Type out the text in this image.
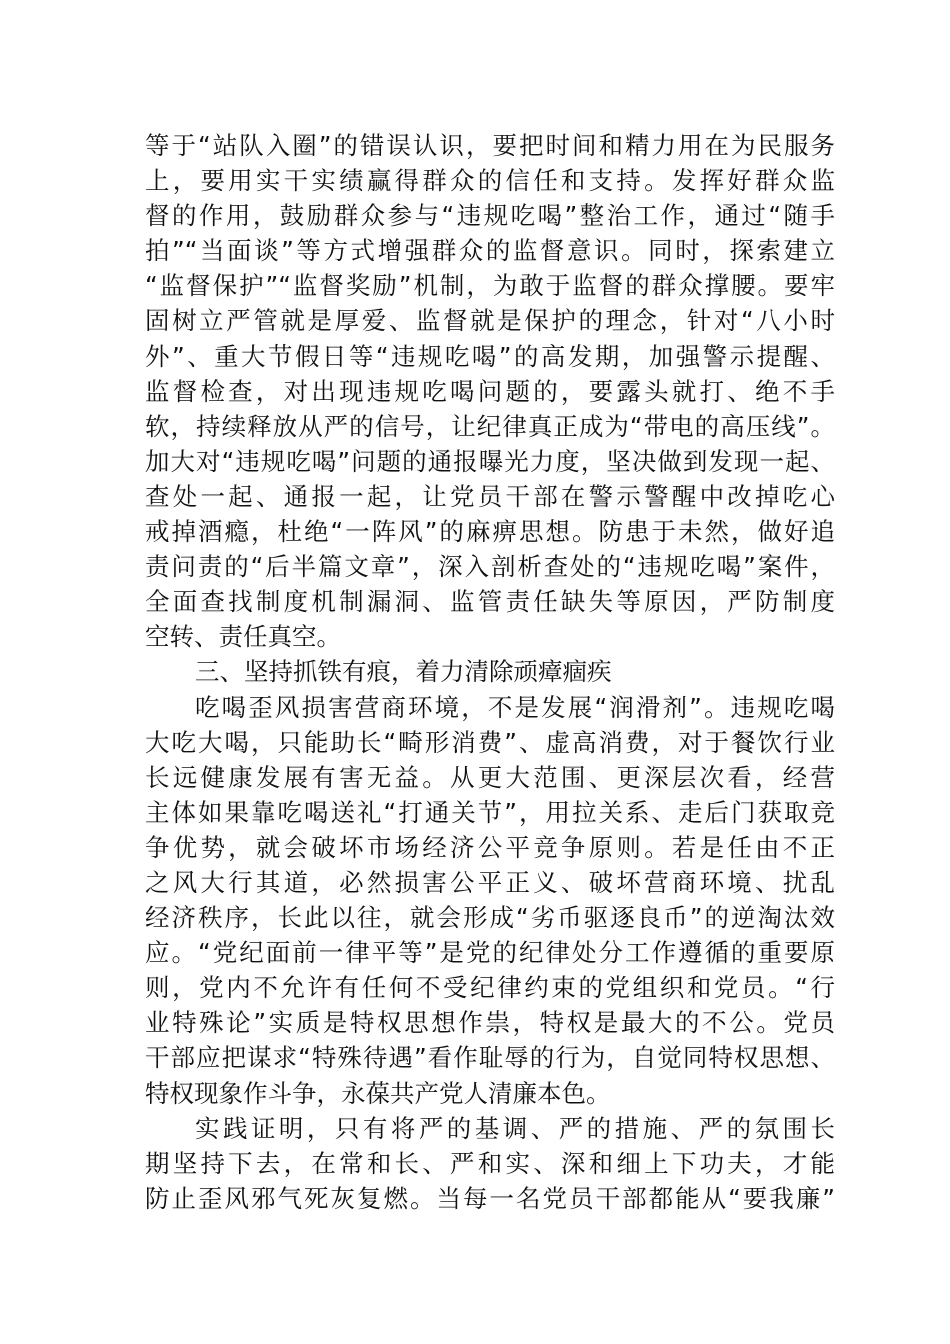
等于“站队入圈”的错误认识，要把时间和精力用在为民服务
上，要用实干实绩赢得群众的信任和支持。发挥好群众监
督的作用，鼓励群众参与“违规吃喝”整治工作，通过“随手
拍”“当面谈”等方式增强群众的监督意识。同时，探索建立
“监督保护”“监督奖励”机制，为敢于监督的群众撑腰。要牢
固树立严管就是厚爱、监督就是保护的理念，针对“八小时
外”、重大节假日等“违规吃喝”的高发期，加强警示提醒、
监督检查，对出现违规吃喝问题的，要露头就打、绝不手
软，持续释放从严的信号，让纪律真正成为“带电的高压线”。
加大对“违规吃喝”问题的通报曝光力度，坚决做到发现一起、
查处一起、通报一起，让党员干部在警示警醒中改掉吃心
戒掉酒瘾，杜绝“一阵风”的麻痹思想。防患于未然，做好追
责问责的“后半篇文章”，深入剖析查处的“违规吃喝”案件，
全面查找制度机制漏洞、监管责任缺失等原因，严防制度
空转、责任真空。
三、坚持抓铁有痕，着力清除顽瘴痼疾
吃喝歪风损害营商环境，不是发展“润滑剂”。违规吃喝
大吃大喝，只能助长“畸形消费”、虚高消费，对于餐饮行业
长远健康发展有害无益。从更大范围、更深层次看，经营
主体如果靠吃喝送礼“打通关节”，用拉关系、走后门获取竞
争优势，就会破坏市场经济公平竞争原则。若是任由不正
之风大行其道，必然损害公平正义、破坏营商环境、扰乱
经济秩序，长此以往，就会形成“劣币驱逐良币”的逆淘汰效
应。“党纪面前一律平等”是党的纪律处分工作遵循的重要原
则，党内不允许有任何不受纪律约束的党组织和党员。“行
业特殊论”实质是特权思想作祟，特权是最大的不公。党员
干部应把谋求“特殊待遇”看作耻辱的行为，自觉同特权思想、
特权现象作斗争，永葆共产党人清廉本色。
实践证明，只有将严的基调、严的措施、严的氛围长
期坚持下去，在常和长、严和实、深和细上下功夫，才能
防止歪风邪气死灰复燃。当每一名党员干部都能从“要我廉”
